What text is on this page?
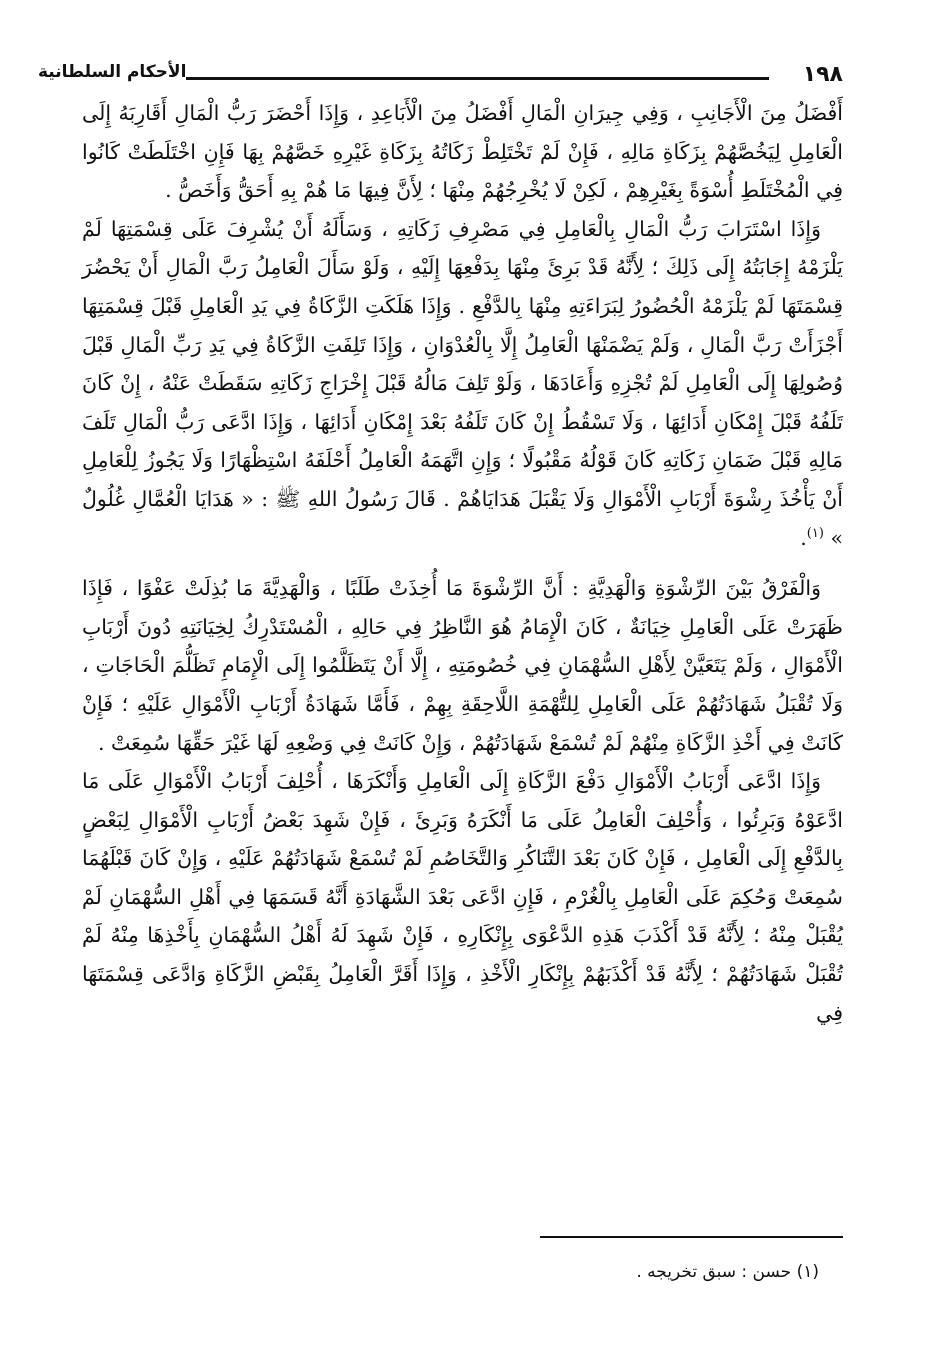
١٩٨
الأحكام السلطانية

أَفْضَلُ مِنَ الْأَجَانِبِ ، وَفِي جِيرَانِ الْمَالِ أَفْضَلُ مِنَ الْأَبَاعِدِ ، وَإِذَا أَحْضَرَ رَبُّ الْمَالِ أَقَارِبَهُ إِلَى الْعَامِلِ لِيَخُصَّهُمْ بِزَكَاةِ مَالِهِ ، فَإِنْ لَمْ تَخْتَلِطْ زَكَاتُهُ بِزَكَاةِ غَيْرِهِ خَصَّهُمْ بِهَا فَإِنِ اخْتَلَطَتْ كَانُوا فِي الْمُخْتَلَطِ أُسْوَةً بِغَيْرِهِمْ ، لَكِنْ لَا يُخْرِجُهُمْ مِنْهَا ؛ لِأَنَّ فِيهَا مَا هُمْ بِهِ أَحَقُّ وَأَخَصُّ .

وَإِذَا اسْتَرَابَ رَبُّ الْمَالِ بِالْعَامِلِ فِي مَصْرِفِ زَكَاتِهِ ، وَسَأَلَهُ أَنْ يُشْرِفَ عَلَى قِسْمَتِهَا لَمْ يَلْزَمْهُ إِجَابَتُهُ إِلَى ذَلِكَ ؛ لِأَنَّهُ قَدْ بَرِئَ مِنْهَا بِدَفْعِهَا إِلَيْهِ ، وَلَوْ سَأَلَ الْعَامِلُ رَبَّ الْمَالِ أَنْ يَحْضُرَ قِسْمَتَهَا لَمْ يَلْزَمْهُ الْحُضُورُ لِبَرَاءَتِهِ مِنْهَا بِالدَّفْعِ . وَإِذَا هَلَكَتِ الزَّكَاةُ فِي يَدِ الْعَامِلِ قَبْلَ قِسْمَتِهَا أَجْزَأَتْ رَبَّ الْمَالِ ، وَلَمْ يَضْمَنْهَا الْعَامِلُ إِلَّا بِالْعُدْوَانِ ، وَإِذَا تَلِفَتِ الزَّكَاةُ فِي يَدِ رَبِّ الْمَالِ قَبْلَ وُصُولِهَا إِلَى الْعَامِلِ لَمْ تُجْزِهِ وَأَعَادَهَا ، وَلَوْ تَلِفَ مَالُهُ قَبْلَ إِخْرَاجِ زَكَاتِهِ سَقَطَتْ عَنْهُ ، إِنْ كَانَ تَلَفُهُ قَبْلَ إِمْكَانِ أَدَائِهَا ، وَلَا تَسْقُطُ إِنْ كَانَ تَلَفُهُ بَعْدَ إِمْكَانِ أَدَائِهَا ، وَإِذَا ادَّعَى رَبُّ الْمَالِ تَلَفَ مَالِهِ قَبْلَ ضَمَانِ زَكَاتِهِ كَانَ قَوْلُهُ مَقْبُولًا ؛ وَإِنِ اتَّهَمَهُ الْعَامِلُ أَحْلَفَهُ اسْتِظْهَارًا وَلَا يَجُوزُ لِلْعَامِلِ أَنْ يَأْخُذَ رِشْوَةَ أَرْبَابِ الْأَمْوَالِ وَلَا يَقْبَلَ هَدَايَاهُمْ . قَالَ رَسُولُ اللهِ ﷺ : « هَدَايَا الْعُمَّالِ غُلُولٌ » $^{(١)}$.

وَالْفَرْقُ بَيْنَ الرِّشْوَةِ وَالْهَدِيَّةِ : أَنَّ الرِّشْوَةَ مَا أُخِذَتْ طَلَبًا ، وَالْهَدِيَّةَ مَا بُذِلَتْ عَفْوًا ، فَإِذَا ظَهَرَتْ عَلَى الْعَامِلِ خِيَانَةٌ ، كَانَ الْإِمَامُ هُوَ النَّاظِرُ فِي حَالِهِ ، الْمُسْتَدْرِكُ لِخِيَانَتِهِ دُونَ أَرْبَابِ الْأَمْوَالِ ، وَلَمْ يَتَعَيَّنْ لِأَهْلِ السُّهْمَانِ فِي خُصُومَتِهِ ، إِلَّا أَنْ يَتَظَلَّمُوا إِلَى الْإِمَامِ تَظَلُّمَ الْحَاجَاتِ ، وَلَا تُقْبَلُ شَهَادَتُهُمْ عَلَى الْعَامِلِ لِلتُّهْمَةِ اللَّاحِقَةِ بِهِمْ ، فَأَمَّا شَهَادَةُ أَرْبَابِ الْأَمْوَالِ عَلَيْهِ ؛ فَإِنْ كَانَتْ فِي أَخْذِ الزَّكَاةِ مِنْهُمْ لَمْ تُسْمَعْ شَهَادَتُهُمْ ، وَإِنْ كَانَتْ فِي وَضْعِهِ لَهَا غَيْرَ حَقِّهَا سُمِعَتْ .

وَإِذَا ادَّعَى أَرْبَابُ الْأَمْوَالِ دَفْعَ الزَّكَاةِ إِلَى الْعَامِلِ وَأَنْكَرَهَا ، أُحْلِفَ أَرْبَابُ الْأَمْوَالِ عَلَى مَا ادَّعَوْهُ وَبَرِئُوا ، وَأُحْلِفَ الْعَامِلُ عَلَى مَا أَنْكَرَهُ وَبَرِئَ ، فَإِنْ شَهِدَ بَعْضُ أَرْبَابِ الْأَمْوَالِ لِبَعْضٍ بِالدَّفْعِ إِلَى الْعَامِلِ ، فَإِنْ كَانَ بَعْدَ التَّنَاكُرِ وَالتَّخَاصُمِ لَمْ تُسْمَعْ شَهَادَتُهُمْ عَلَيْهِ ، وَإِنْ كَانَ قَبْلَهُمَا سُمِعَتْ وَحُكِمَ عَلَى الْعَامِلِ بِالْغُرْمِ ، فَإِنِ ادَّعَى بَعْدَ الشَّهَادَةِ أَنَّهُ قَسَمَهَا فِي أَهْلِ السُّهْمَانِ لَمْ يُقْبَلْ مِنْهُ ؛ لِأَنَّهُ قَدْ أَكْذَبَ هَذِهِ الدَّعْوَى بِإِنْكَارِهِ ، فَإِنْ شَهِدَ لَهُ أَهْلُ السُّهْمَانِ بِأَخْذِهَا مِنْهُ لَمْ تُقْبَلْ شَهَادَتُهُمْ ؛ لِأَنَّهُ قَدْ أَكْذَبَهُمْ بِإِنْكَارِ الْأَخْذِ ، وَإِذَا أَقَرَّ الْعَامِلُ بِقَبْضِ الزَّكَاةِ وَادَّعَى قِسْمَتَهَا فِي

(١) حسن : سبق تخريجه .
